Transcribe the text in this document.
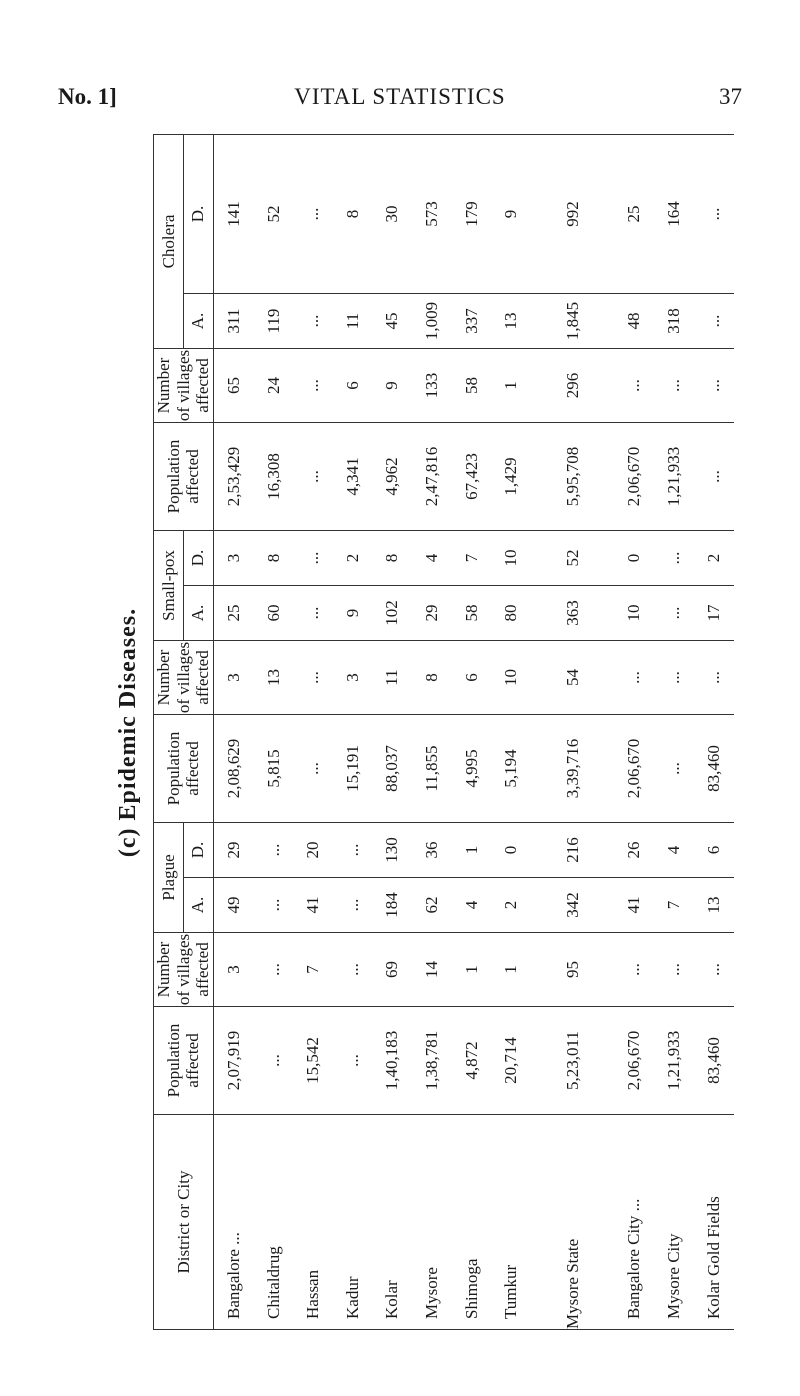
No. 1]	VITAL STATISTICS	37
(c) Epidemic Diseases.
District or City	Population affected	Number of villages affected	Plague		Population affected	Number of villages affected	Small-pox		Population affected	Number of villages affected	Cholera	
			A.	D.			A.	D.			A.	D.
Bangalore ...	2,07,919	3	49	29	2,08,629	3	25	3	2,53,429	65	311	141
Chitaldrug	...	...	...	...	5,815	13	60	8	16,308	24	119	52
Hassan	15,542	7	41	20	...	...	...	...	...	...	...	...
Kadur	...	...	...	...	15,191	3	9	2	4,341	6	11	8
Kolar	1,40,183	69	184	130	88,037	11	102	8	4,962	9	45	30
Mysore	1,38,781	14	62	36	11,855	8	29	4	2,47,816	133	1,009	573
Shimoga	4,872	1	4	1	4,995	6	58	7	67,423	58	337	179
Tumkur	20,714	1	2	0	5,194	10	80	10	1,429	1	13	9

Mysore State	5,23,011	95	342	216	3,39,716	54	363	52	5,95,708	296	1,845	992

Bangalore City ...	2,06,670	...	41	26	2,06,670	...	10	0	2,06,670	...	48	25
Mysore City	1,21,933	...	7	4	...	...	...	...	1,21,933	...	318	164
Kolar Gold Fields	83,460	...	13	6	83,460	...	17	2	...	...	...	...
